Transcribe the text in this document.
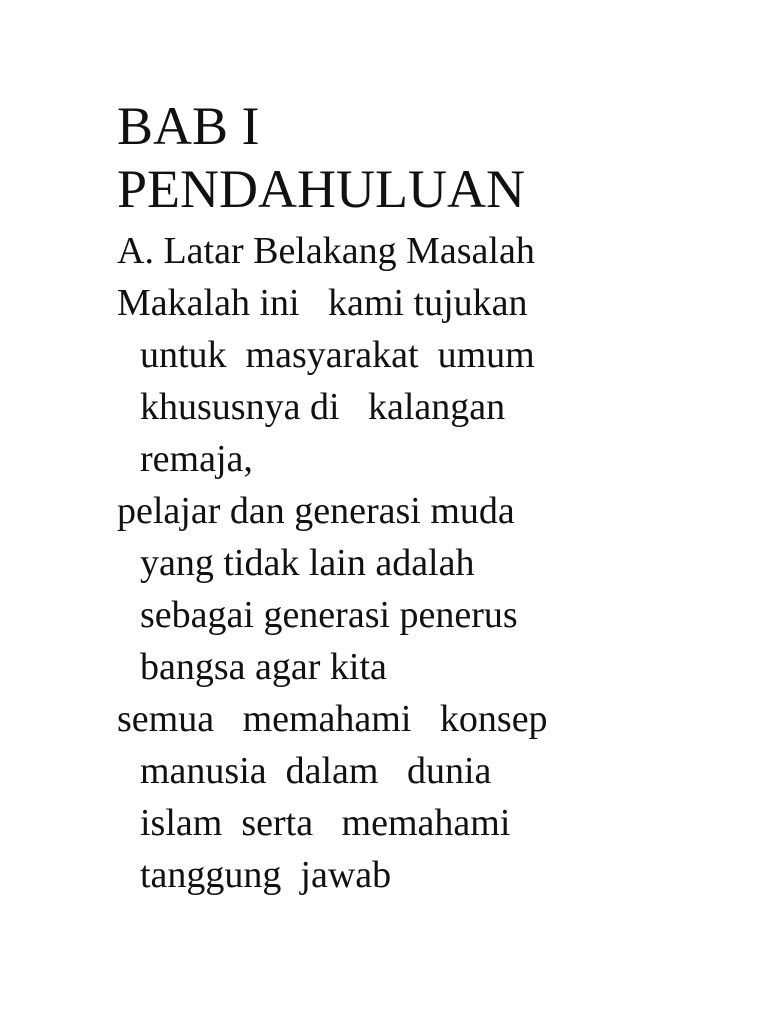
BAB I
PENDAHULUAN
A. Latar Belakang Masalah

Makalah ini   kami tujukan

untuk  masyarakat  umum

khususnya di   kalangan

remaja,

pelajar dan generasi muda

yang tidak lain adalah

sebagai generasi penerus

bangsa agar kita

semua   memahami   konsep

manusia  dalam   dunia

islam  serta   memahami

tanggung  jawab
